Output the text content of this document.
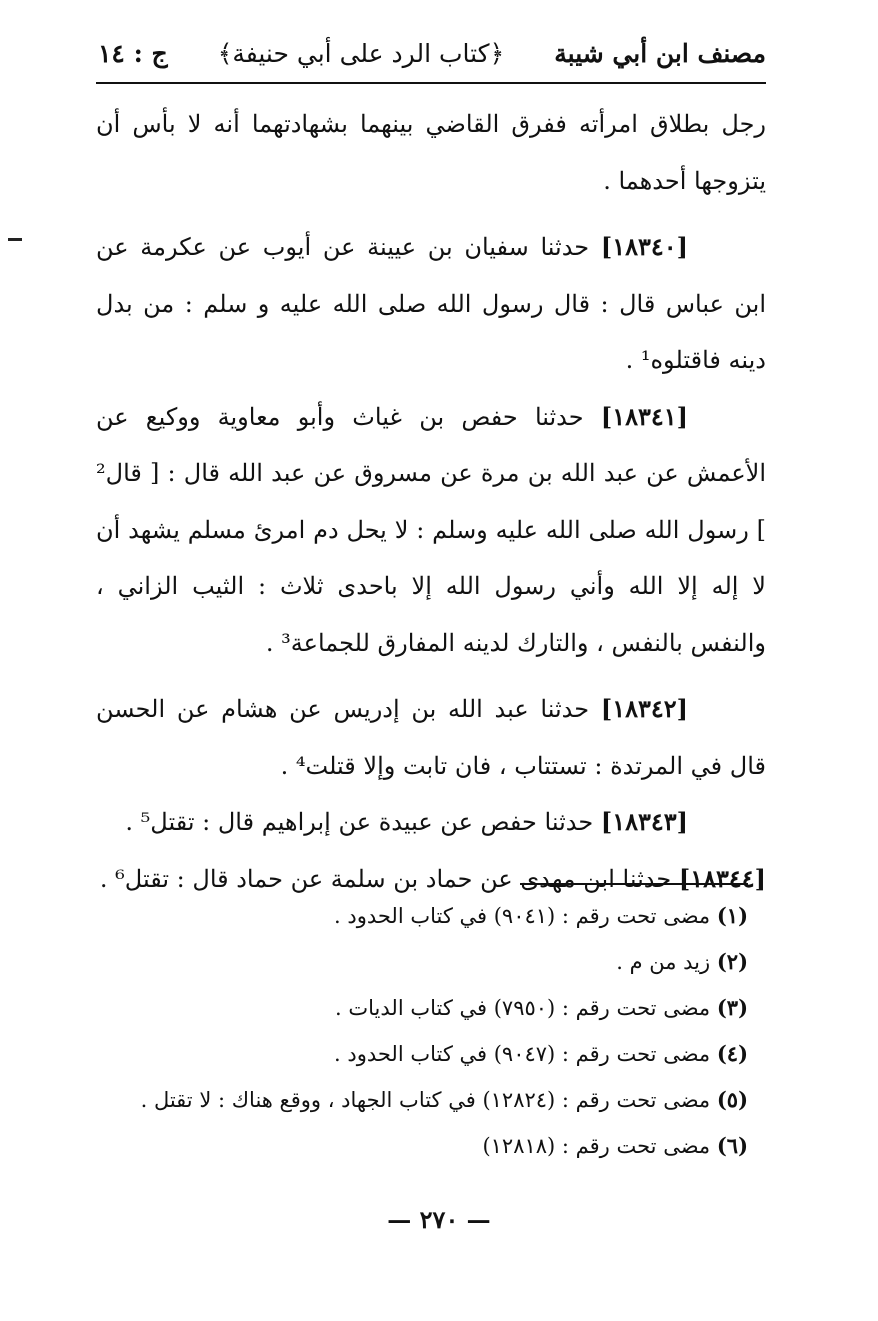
مصنف ابن أبي شيبة
﴿كتاب الرد على أبي حنيفة﴾
ج : ١٤

رجل بطلاق امرأته ففرق القاضي بينهما بشهادتهما أنه لا بأس أن يتزوجها أحدهما .

[١٨٣٤٠] حدثنا سفيان بن عيينة عن أيوب عن عكرمة عن ابن عباس قال : قال رسول الله صلى الله عليه و سلم : من بدل دينه فاقتلوه¹ .

[١٨٣٤١] حدثنا حفص بن غياث وأبو معاوية ووكيع عن الأعمش عن عبد الله بن مرة عن مسروق عن عبد الله قال : [ قال² ] رسول الله صلى الله عليه وسلم : لا يحل دم امرئ مسلم يشهد أن لا إله إلا الله وأني رسول الله إلا باحدى ثلاث : الثيب الزاني ، والنفس بالنفس ، والتارك لدينه المفارق للجماعة³ .

[١٨٣٤٢] حدثنا عبد الله بن إدريس عن هشام عن الحسن قال في المرتدة : تستتاب ، فان تابت وإلا قتلت⁴ .

[١٨٣٤٣] حدثنا حفص عن عبيدة عن إبراهيم قال : تقتل⁵ .

[١٨٣٤٤] حدثنا ابن مهدى عن حماد بن سلمة عن حماد قال : تقتل⁶ .

(١) مضى تحت رقم : (٩٠٤١) في كتاب الحدود .

(٢) زيد من م .

(٣) مضى تحت رقم : (٧٩٥٠) في كتاب الديات .

(٤) مضى تحت رقم : (٩٠٤٧) في كتاب الحدود .

(٥) مضى تحت رقم : (١٢٨٢٤) في كتاب الجهاد ، ووقع هناك : لا تقتل .

(٦) مضى تحت رقم : (١٢٨١٨)

— ٢٧٠ —
